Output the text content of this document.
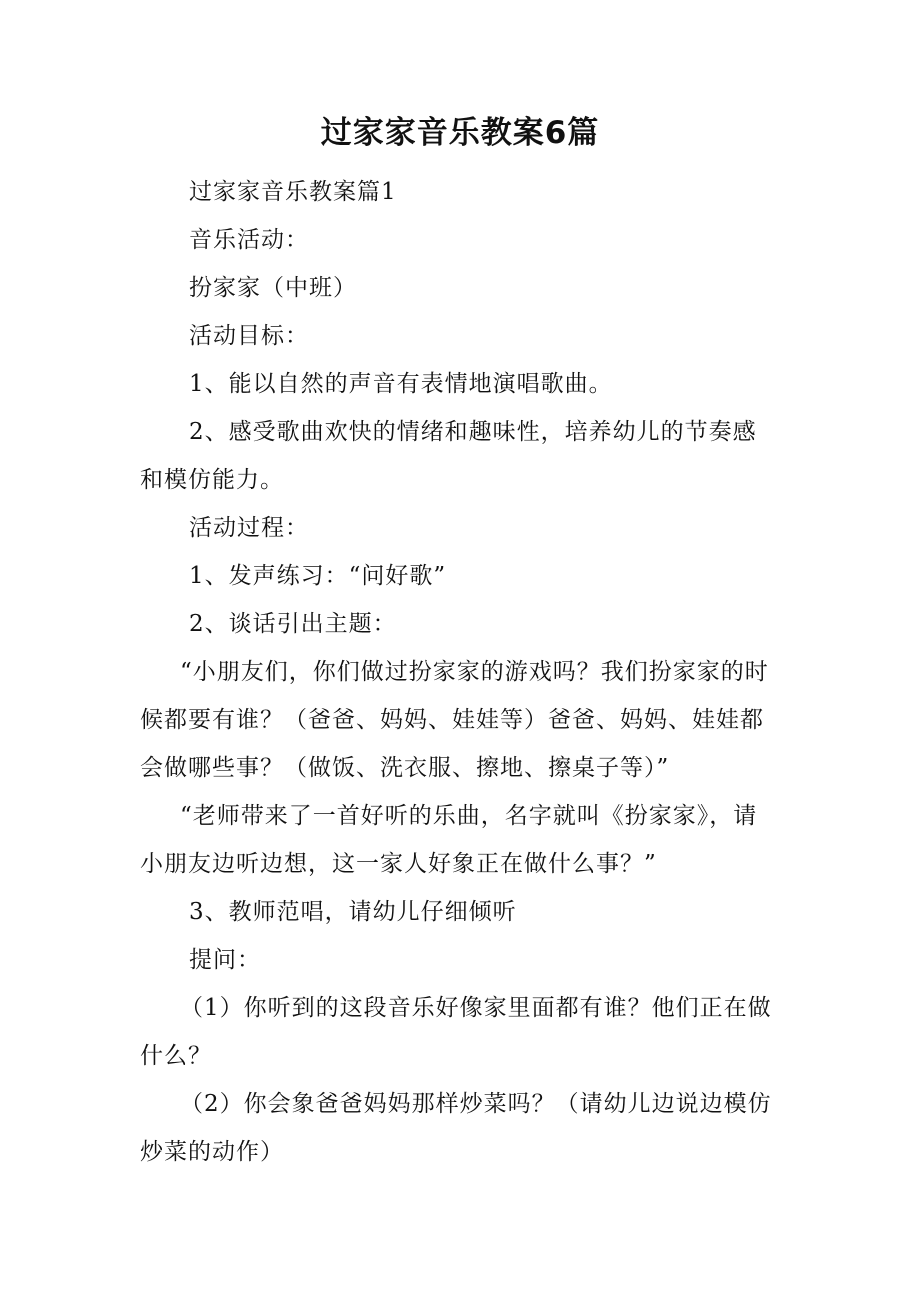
过家家音乐教案6篇

过家家音乐教案篇1

音乐活动：

扮家家（中班）

活动目标：

1、能以自然的声音有表情地演唱歌曲。

2、感受歌曲欢快的情绪和趣味性，培养幼儿的节奏感和模仿能力。

活动过程：

1、发声练习：“问好歌”

2、谈话引出主题：

“小朋友们，你们做过扮家家的游戏吗？我们扮家家的时候都要有谁？（爸爸、妈妈、娃娃等）爸爸、妈妈、娃娃都会做哪些事？（做饭、洗衣服、擦地、擦桌子等）”

“老师带来了一首好听的乐曲，名字就叫《扮家家》，请小朋友边听边想，这一家人好象正在做什么事？”

3、教师范唱，请幼儿仔细倾听

提问：

（1）你听到的这段音乐好像家里面都有谁？他们正在做什么？

（2）你会象爸爸妈妈那样炒菜吗？（请幼儿边说边模仿炒菜的动作）
